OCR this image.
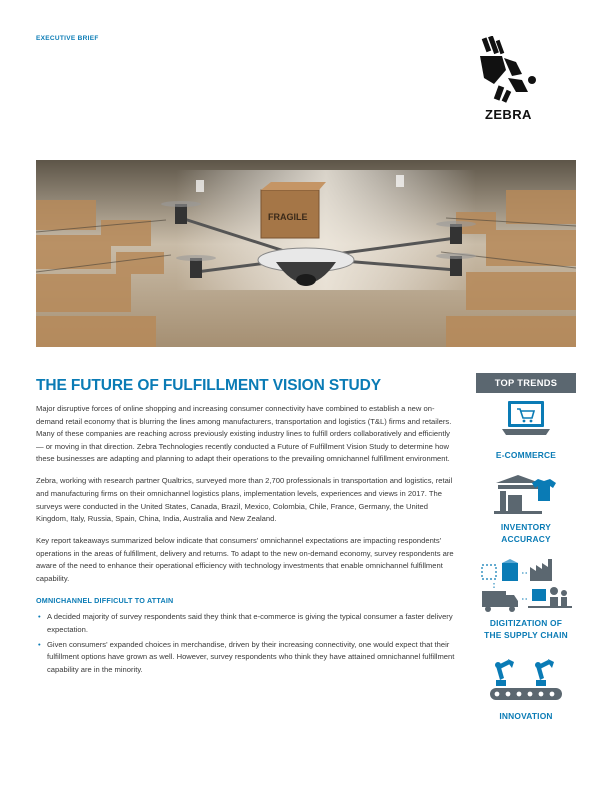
EXECUTIVE BRIEF
ZEBRA
FRAGILE
THE FUTURE OF FULFILLMENT VISION STUDY

Major disruptive forces of online shopping and increasing consumer connectivity have combined to establish a new on-demand retail economy that is blurring the lines among manufacturers, transportation and logistics (T&L) firms and retailers. Many of these companies are reaching across previously existing industry lines to fulfill orders collaboratively and efficiently — or moving in that direction. Zebra Technologies recently conducted a Future of Fulfillment Vision Study to determine how these businesses are adapting and planning to adapt their operations to the prevailing omnichannel fulfillment environment.

Zebra, working with research partner Qualtrics, surveyed more than 2,700 professionals in transportation and logistics, retail and manufacturing firms on their omnichannel logistics plans, implementation levels, experiences and views in 2017. The surveys were conducted in the United States, Canada, Brazil, Mexico, Colombia, Chile, France, Germany, the United Kingdom, Italy, Russia, Spain, China, India, Australia and New Zealand.

Key report takeaways summarized below indicate that consumers' omnichannel expectations are impacting respondents' operations in the areas of fulfillment, delivery and returns. To adapt to the new on-demand economy, survey respondents are aware of the need to enhance their operational efficiency with technology investments that enable omnichannel fulfillment capability.

OMNICHANNEL DIFFICULT TO ATTAIN
• A decided majority of survey respondents said they think that e-commerce is giving the typical consumer a faster delivery expectation.
• Given consumers' expanded choices in merchandise, driven by their increasing connectivity, one would expect that their fulfillment options have grown as well. However, survey respondents who think they have attained omnichannel fulfillment capability are in the minority.
TOP TRENDS
E-COMMERCE
INVENTORY
ACCURACY
DIGITIZATION OF
THE SUPPLY CHAIN
INNOVATION
